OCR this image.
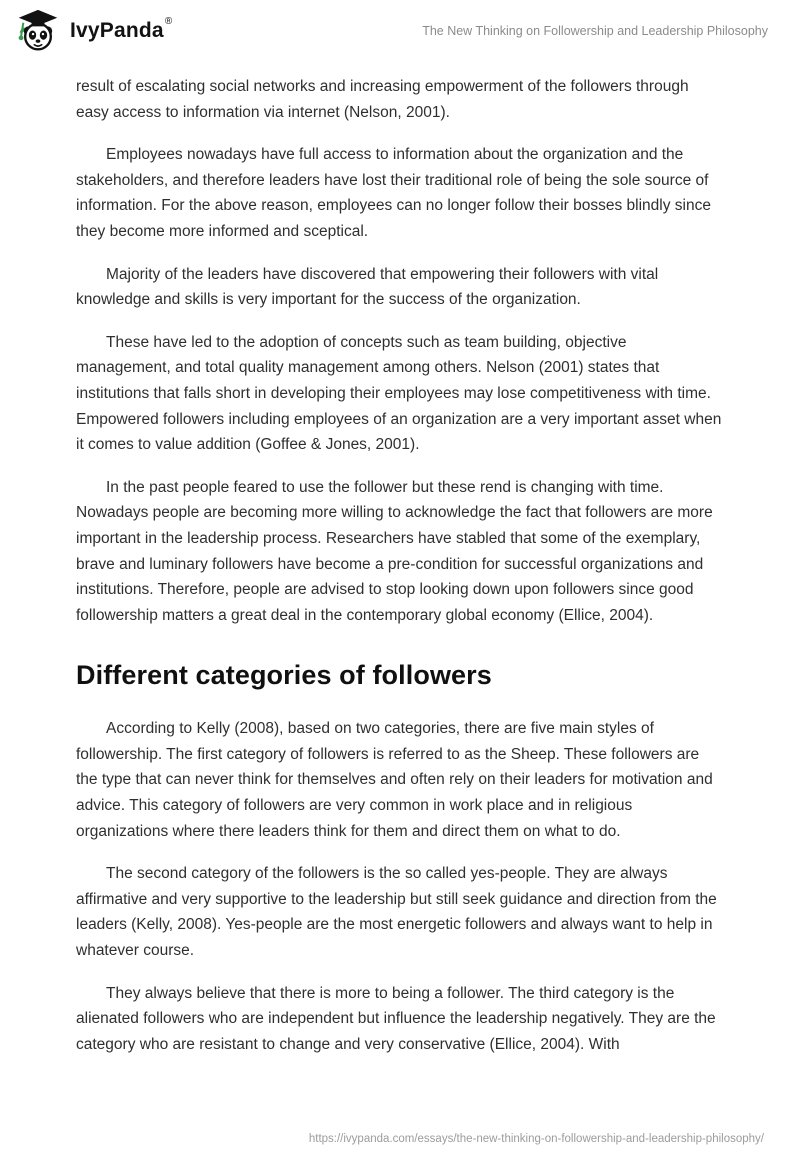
IvyPanda®
The New Thinking on Followership and Leadership Philosophy

result of escalating social networks and increasing empowerment of the followers through easy access to information via internet (Nelson, 2001).

Employees nowadays have full access to information about the organization and the stakeholders, and therefore leaders have lost their traditional role of being the sole source of information. For the above reason, employees can no longer follow their bosses blindly since they become more informed and sceptical.

Majority of the leaders have discovered that empowering their followers with vital knowledge and skills is very important for the success of the organization.

These have led to the adoption of concepts such as team building, objective management, and total quality management among others. Nelson (2001) states that institutions that falls short in developing their employees may lose competitiveness with time. Empowered followers including employees of an organization are a very important asset when it comes to value addition (Goffee & Jones, 2001).

In the past people feared to use the follower but these rend is changing with time. Nowadays people are becoming more willing to acknowledge the fact that followers are more important in the leadership process. Researchers have stabled that some of the exemplary, brave and luminary followers have become a pre-condition for successful organizations and institutions. Therefore, people are advised to stop looking down upon followers since good followership matters a great deal in the contemporary global economy (Ellice, 2004).

Different categories of followers

According to Kelly (2008), based on two categories, there are five main styles of followership. The first category of followers is referred to as the Sheep. These followers are the type that can never think for themselves and often rely on their leaders for motivation and advice. This category of followers are very common in work place and in religious organizations where there leaders think for them and direct them on what to do.

The second category of the followers is the so called yes-people. They are always affirmative and very supportive to the leadership but still seek guidance and direction from the leaders (Kelly, 2008). Yes-people are the most energetic followers and always want to help in whatever course.

They always believe that there is more to being a follower. The third category is the alienated followers who are independent but influence the leadership negatively. They are the category who are resistant to change and very conservative (Ellice, 2004). With

https://ivypanda.com/essays/the-new-thinking-on-followership-and-leadership-philosophy/
